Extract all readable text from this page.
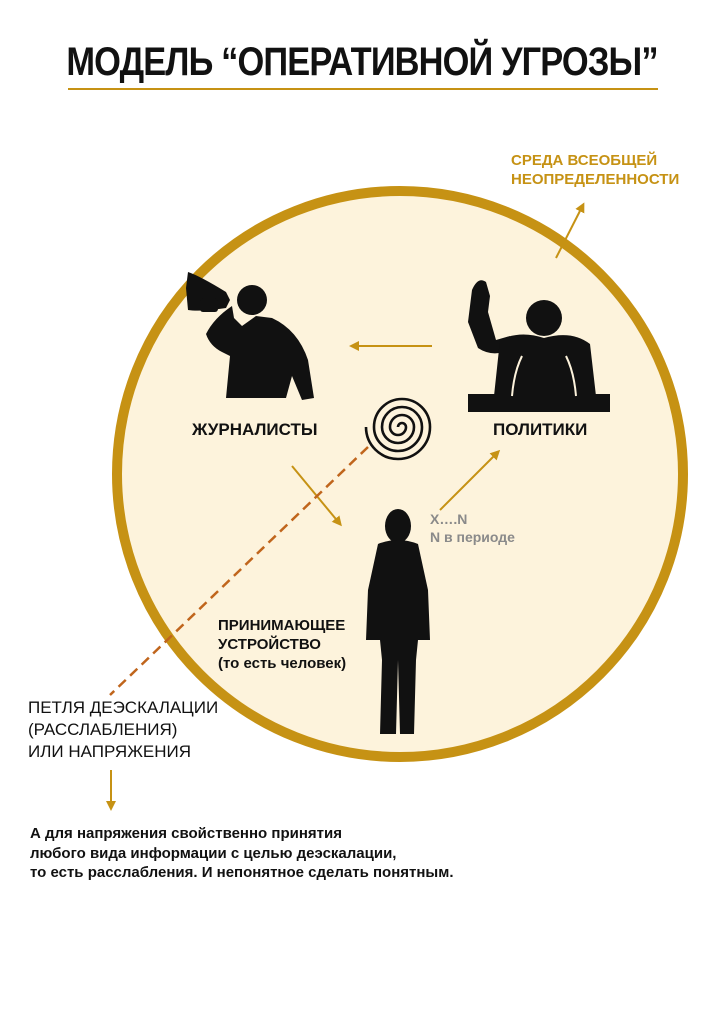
МОДЕЛЬ “ОПЕРАТИВНОЙ УГРОЗЫ”
СРЕДА ВСЕОБЩЕЙ
НЕОПРЕДЕЛЕННОСТИ
ЖУРНАЛИСТЫ	ПОЛИТИКИ
X….N
N в периоде
ПРИНИМАЮЩЕЕ
УСТРОЙСТВО
(то есть человек)
ПЕТЛЯ ДЕЭСКАЛАЦИИ
(РАССЛАБЛЕНИЯ)
ИЛИ НАПРЯЖЕНИЯ
А для напряжения свойственно принятия
любого вида информации с целью деэскалации,
то есть расслабления. И непонятное сделать понятным.
